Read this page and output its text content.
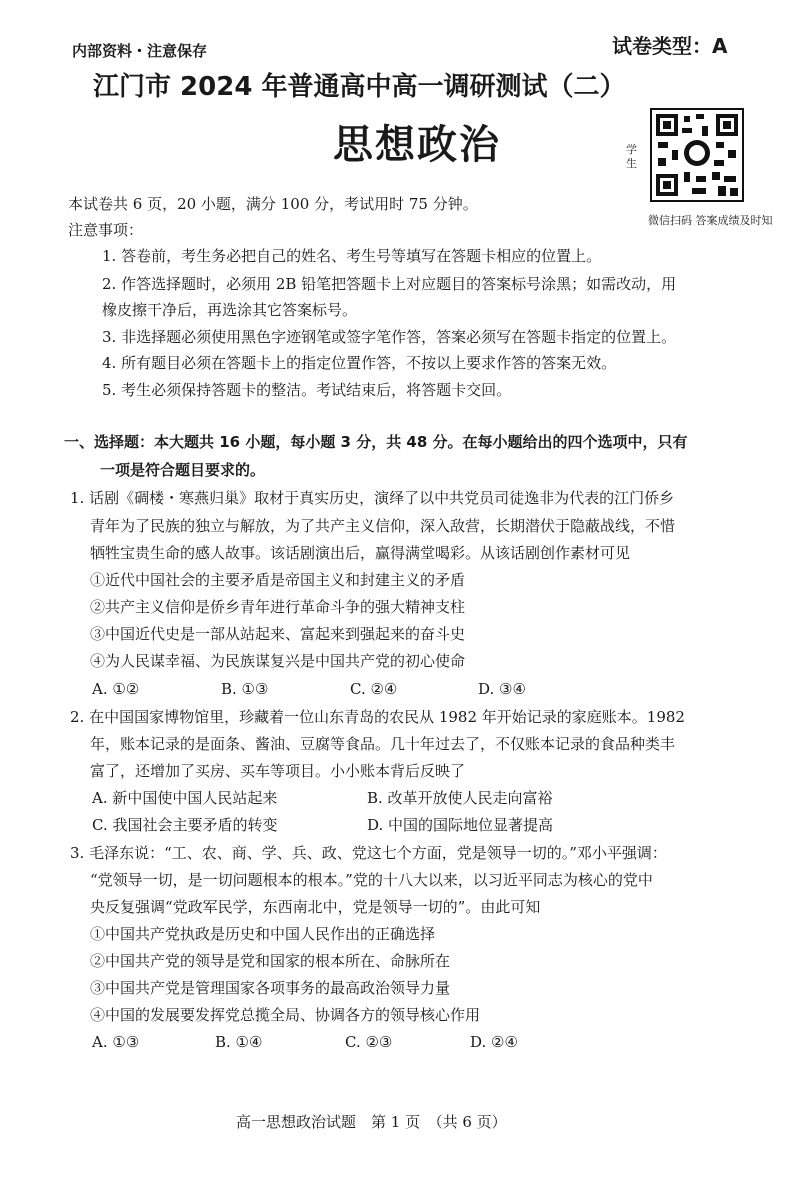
内部资料・注意保存	试卷类型：A
江门市 2024 年普通高中高一调研测试（二）
思想政治	学生
微信扫码 答案成绩及时知
本试卷共 6 页，20 小题，满分 100 分，考试用时 75 分钟。
注意事项：
1. 答卷前，考生务必把自己的姓名、考生号等填写在答题卡相应的位置上。
2. 作答选择题时，必须用 2B 铅笔把答题卡上对应题目的答案标号涂黑；如需改动，用
橡皮擦干净后，再选涂其它答案标号。
3. 非选择题必须使用黑色字迹钢笔或签字笔作答，答案必须写在答题卡指定的位置上。
4. 所有题目必须在答题卡上的指定位置作答，不按以上要求作答的答案无效。
5. 考生必须保持答题卡的整洁。考试结束后，将答题卡交回。
一、选择题：本大题共 16 小题，每小题 3 分，共 48 分。在每小题给出的四个选项中，只有
一项是符合题目要求的。
1. 话剧《碉楼・寒燕归巢》取材于真实历史，演绎了以中共党员司徒逸非为代表的江门侨乡
青年为了民族的独立与解放，为了共产主义信仰，深入敌营，长期潜伏于隐蔽战线，不惜
牺牲宝贵生命的感人故事。该话剧演出后，赢得满堂喝彩。从该话剧创作素材可见
①近代中国社会的主要矛盾是帝国主义和封建主义的矛盾
②共产主义信仰是侨乡青年进行革命斗争的强大精神支柱
③中国近代史是一部从站起来、富起来到强起来的奋斗史
④为人民谋幸福、为民族谋复兴是中国共产党的初心使命
A. ①②	B. ①③	C. ②④	D. ③④
2. 在中国国家博物馆里，珍藏着一位山东青岛的农民从 1982 年开始记录的家庭账本。1982
年，账本记录的是面条、酱油、豆腐等食品。几十年过去了，不仅账本记录的食品种类丰
富了，还增加了买房、买车等项目。小小账本背后反映了
A. 新中国使中国人民站起来	B. 改革开放使人民走向富裕
C. 我国社会主要矛盾的转变	D. 中国的国际地位显著提高
3. 毛泽东说：“工、农、商、学、兵、政、党这七个方面，党是领导一切的。”邓小平强调：
“党领导一切，是一切问题根本的根本。”党的十八大以来，以习近平同志为核心的党中
央反复强调“党政军民学，东西南北中，党是领导一切的”。由此可知
①中国共产党执政是历史和中国人民作出的正确选择
②中国共产党的领导是党和国家的根本所在、命脉所在
③中国共产党是管理国家各项事务的最高政治领导力量
④中国的发展要发挥党总揽全局、协调各方的领导核心作用
A. ①③	B. ①④	C. ②③	D. ②④
高一思想政治试题　第 1 页　（共 6 页）
